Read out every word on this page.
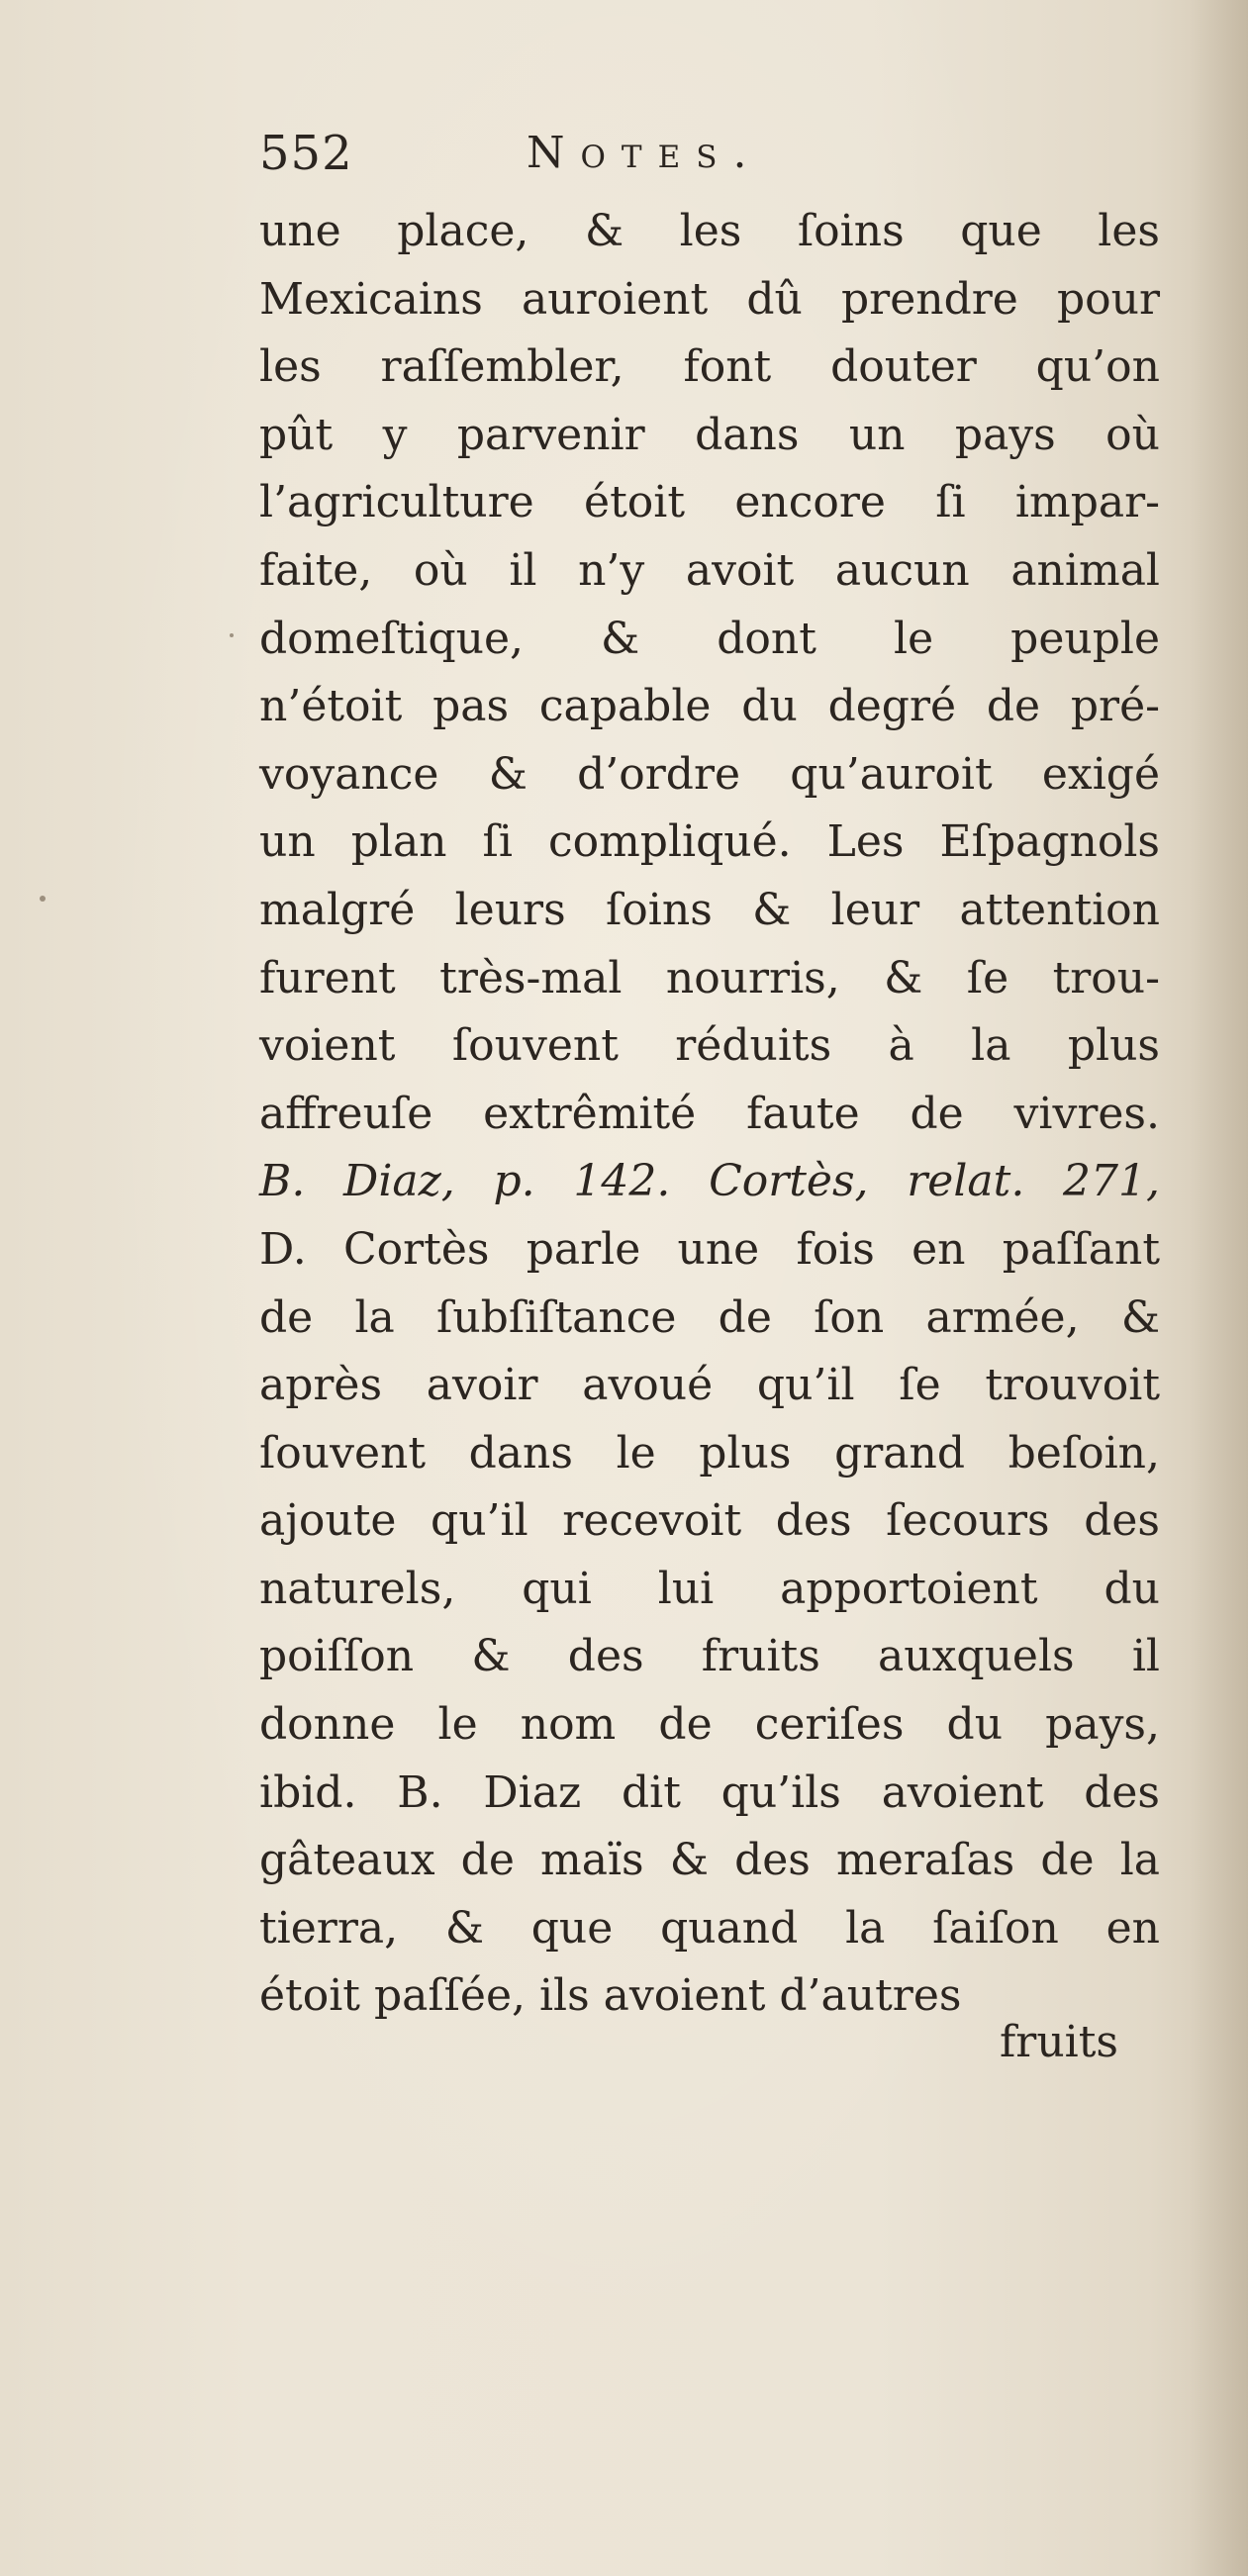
552	Notes.
une place, & les ſoins que les
Mexicains auroient dû prendre pour
les raſſembler, font douter qu’on
pût y parvenir dans un pays où
l’agriculture étoit encore ſi impar-
faite, où il n’y avoit aucun animal
domeſtique, & dont le peuple
n’étoit pas capable du degré de pré-
voyance & d’ordre qu’auroit exigé
un plan ſi compliqué. Les Eſpagnols
malgré leurs ſoins & leur attention
furent très-mal nourris, & ſe trou-
voient ſouvent réduits à la plus
affreuſe extrêmité faute de vivres.
B. Diaz, p. 142. Cortès, relat. 271,
D. Cortès parle une fois en paſſant
de la ſubſiſtance de ſon armée, &
après avoir avoué qu’il ſe trouvoit
ſouvent dans le plus grand beſoin,
ajoute qu’il recevoit des ſecours des
naturels, qui lui apportoient du
poiſſon & des fruits auxquels il
donne le nom de ceriſes du pays,
ibid. B. Diaz dit qu’ils avoient des
gâteaux de maïs & des meraſas de la
tierra, & que quand la ſaiſon en
étoit paſſée, ils avoient d’autres
fruits
